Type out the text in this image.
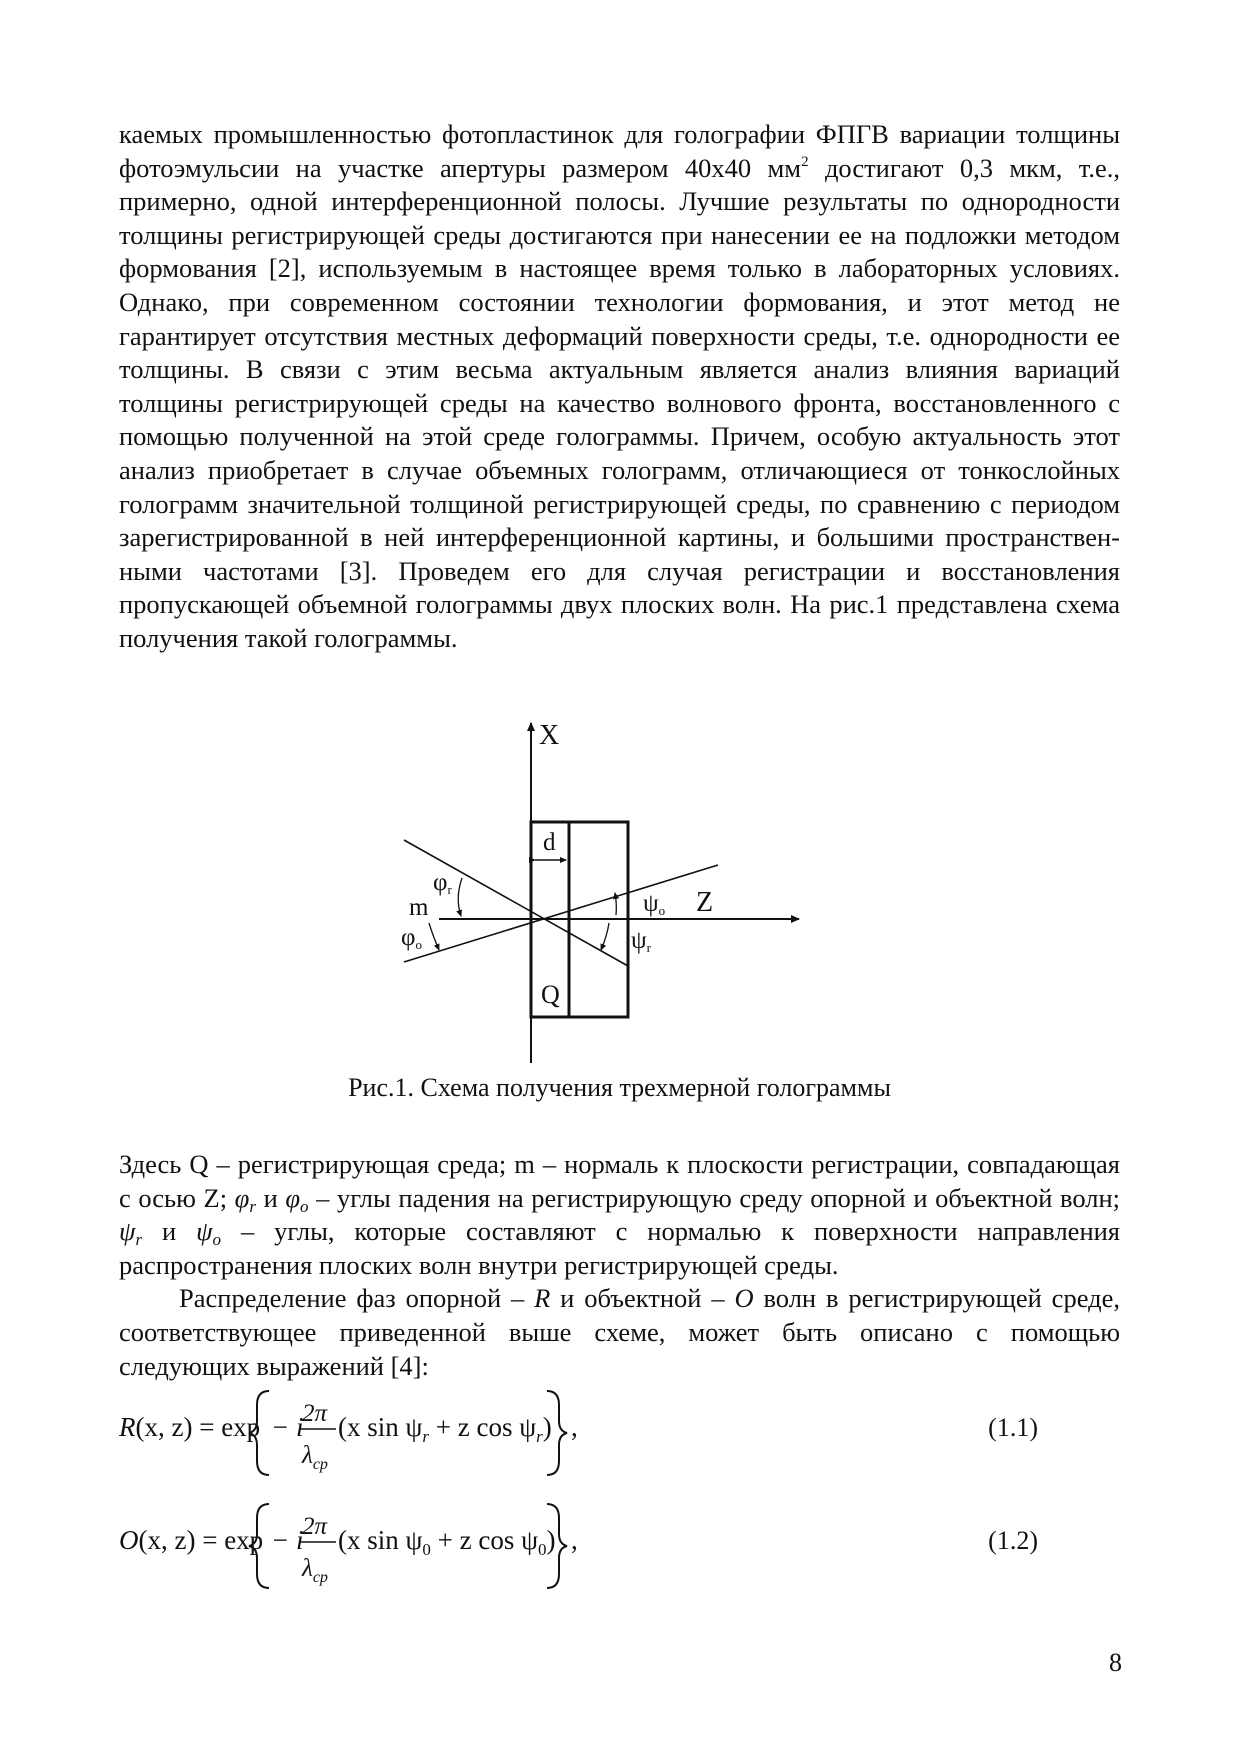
каемых промышленностью фотопластинок для голографии ФПГВ вариации толщины фотоэмульсии на участке апертуры размером 40x40 $мм^2$ достигают 0,3 мкм, т.е., примерно, одной интерференционной полосы. Лучшие результаты по однородности толщины регистрирующей среды достигаются при нанесении ее на подложки методом формования [2], используемым в настоящее время только в лабораторных условиях. Однако, при современном состоянии технологии формования, и этот метод не гарантирует отсутствия местных деформаций поверхности среды, т.е. однородности ее толщины. В связи с этим весьма актуальным является анализ влияния вариаций толщины регистрирующей среды на качество волнового фронта, восстановленного с помощью полученной на этой среде голограммы. Причем, особую актуальность этот анализ приобретает в случае объемных голограмм, отличающиеся от тонкослойных голограмм значительной толщиной регистрирующей среды, по сравнению с периодом зарегистрированной в ней интерференционной картины, и большими пространственными частотами [3]. Проведем его для случая регистрации и восстановления пропускающей объемной голограммы двух плоских волн. На рис.1 представлена схема получения такой голограммы.

X
Z
d
m
Q
φr
φo
ψo
ψr
Рис.1. Схема получения трехмерной голограммы

Здесь Q – регистрирующая среда; m – нормаль к плоскости регистрации, совпадающая с осью Z; $\varphi_r$ и $\varphi_o$ – углы падения на регистрирующую среду опорной и объектной волн; $\psi_r$ и $\psi_o$ – углы, которые составляют с нормалью к поверхности направления распространения плоских волн внутри регистрирующей среды.

Распределение фаз опорной – R и объектной – O волн в регистрирующей среде, соответствующее приведенной выше схеме, может быть описано с помощью следующих выражений [4]:

R(x, z) = exp − i
2π
$\lambda_{ср}$
(x $\sin \psi_r + z$ $\cos \psi_r$) ,	(1.1)
O(x, z) = exp − i
2π
$\lambda_{ср}$
(x $\sin \psi_0 + z$ $\cos \psi_0$) ,	(1.2)
8
